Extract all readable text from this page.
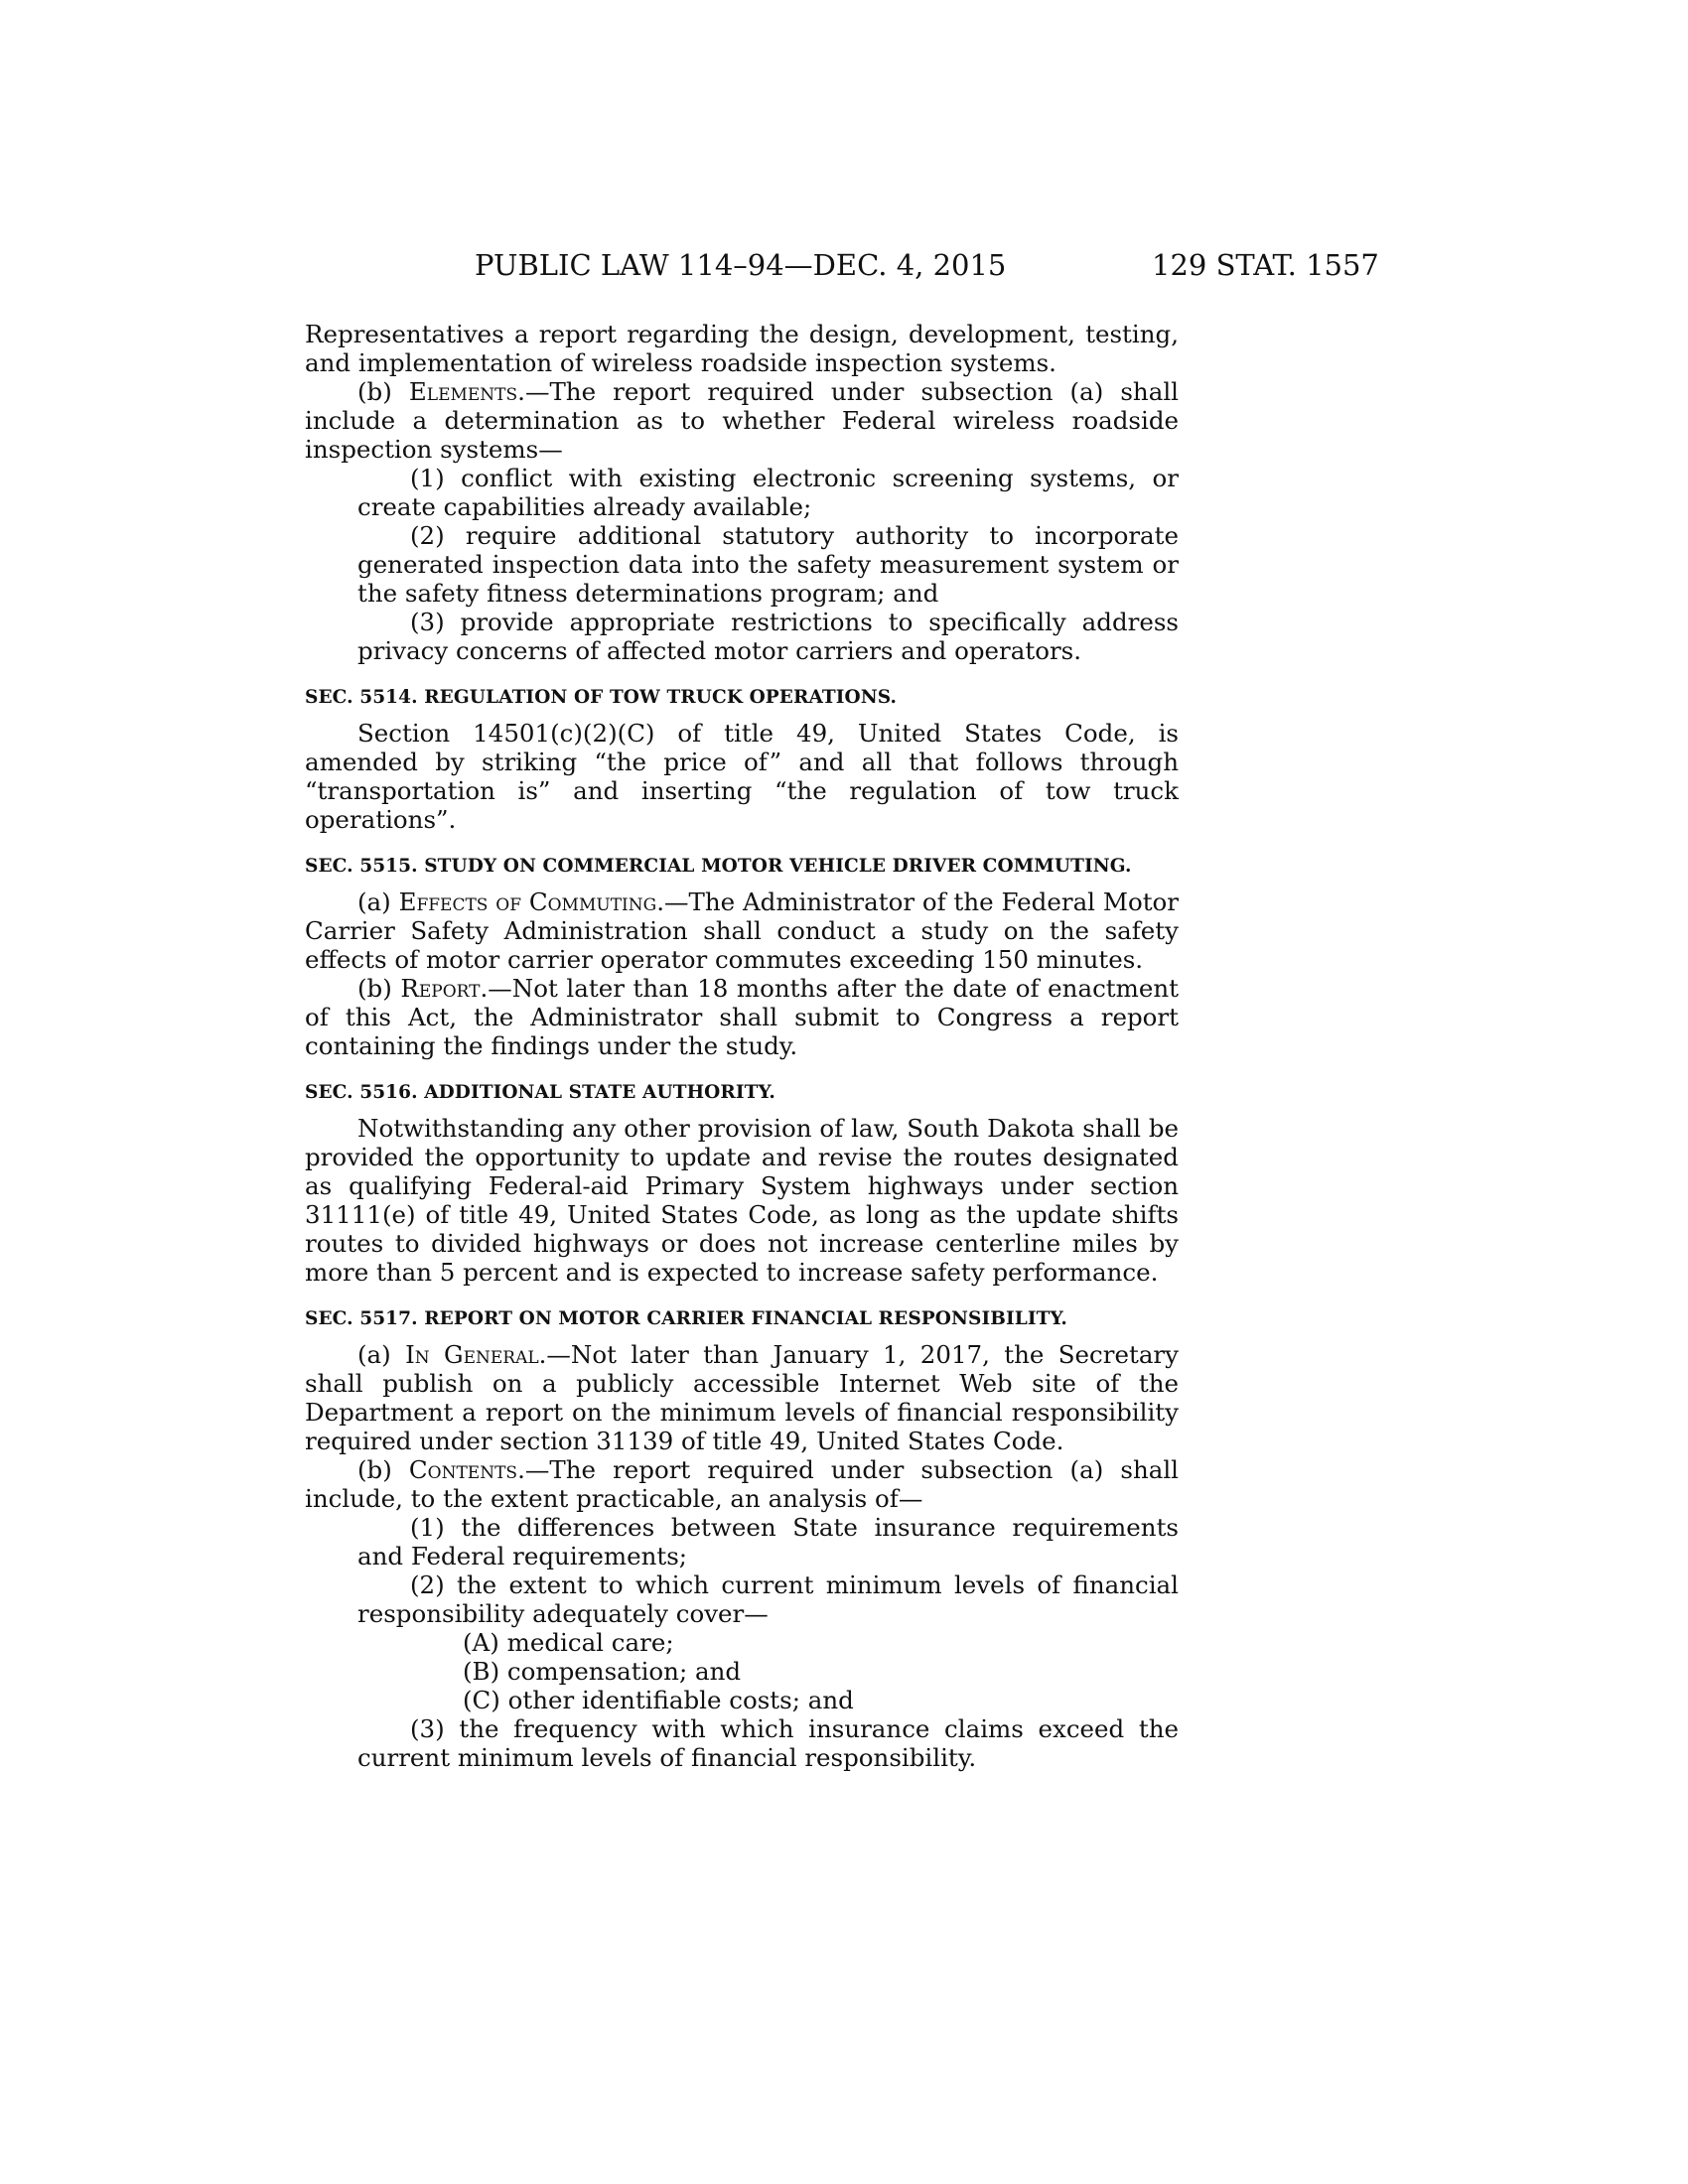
PUBLIC LAW 114–94—DEC. 4, 2015	129 STAT. 1557

Representatives a report regarding the design, development, testing, and implementation of wireless roadside inspection systems.

(b) Elements.—The report required under subsection (a) shall include a determination as to whether Federal wireless roadside inspection systems—

(1) conflict with existing electronic screening systems, or create capabilities already available;

(2) require additional statutory authority to incorporate generated inspection data into the safety measurement system or the safety fitness determinations program; and

(3) provide appropriate restrictions to specifically address privacy concerns of affected motor carriers and operators.

SEC. 5514. REGULATION OF TOW TRUCK OPERATIONS.

Section 14501(c)(2)(C) of title 49, United States Code, is amended by striking “the price of” and all that follows through “transportation is” and inserting “the regulation of tow truck operations”.

SEC. 5515. STUDY ON COMMERCIAL MOTOR VEHICLE DRIVER COMMUTING.

(a) Effects of Commuting.—The Administrator of the Federal Motor Carrier Safety Administration shall conduct a study on the safety effects of motor carrier operator commutes exceeding 150 minutes.

(b) Report.—Not later than 18 months after the date of enactment of this Act, the Administrator shall submit to Congress a report containing the findings under the study.

SEC. 5516. ADDITIONAL STATE AUTHORITY.

Notwithstanding any other provision of law, South Dakota shall be provided the opportunity to update and revise the routes designated as qualifying Federal-aid Primary System highways under section 31111(e) of title 49, United States Code, as long as the update shifts routes to divided highways or does not increase centerline miles by more than 5 percent and is expected to increase safety performance.

SEC. 5517. REPORT ON MOTOR CARRIER FINANCIAL RESPONSIBILITY.

(a) In General.—Not later than January 1, 2017, the Secretary shall publish on a publicly accessible Internet Web site of the Department a report on the minimum levels of financial responsibility required under section 31139 of title 49, United States Code.

(b) Contents.—The report required under subsection (a) shall include, to the extent practicable, an analysis of—

(1) the differences between State insurance requirements and Federal requirements;

(2) the extent to which current minimum levels of financial responsibility adequately cover—

(A) medical care;

(B) compensation; and

(C) other identifiable costs; and

(3) the frequency with which insurance claims exceed the current minimum levels of financial responsibility.
